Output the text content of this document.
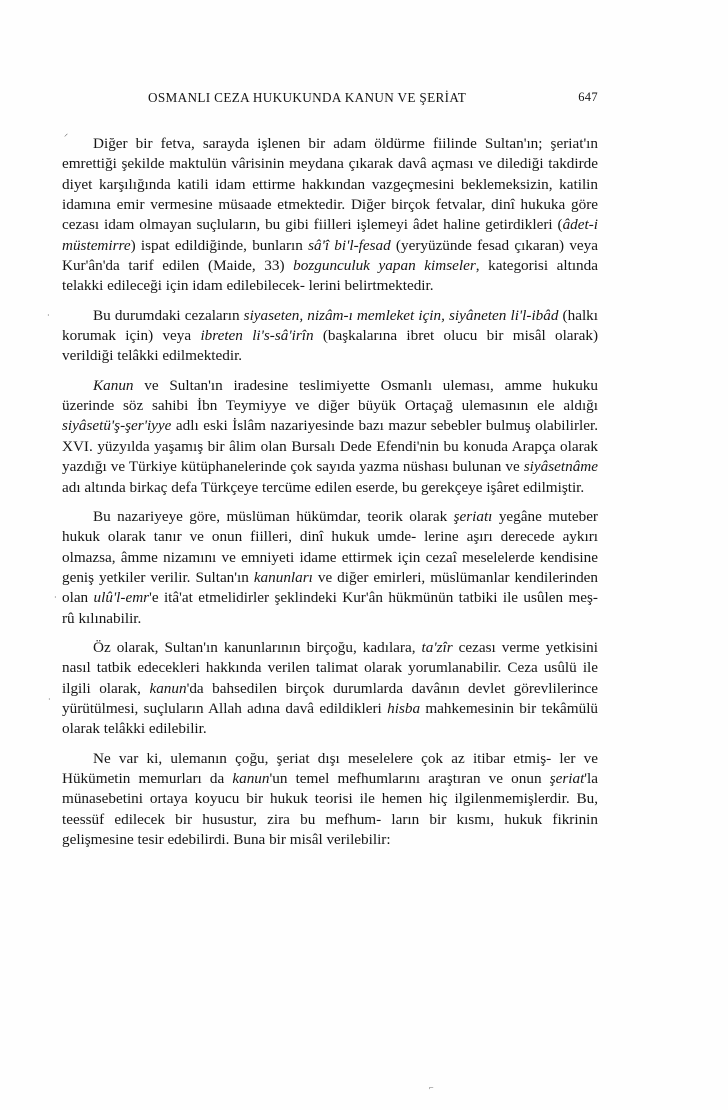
OSMANLI CEZA HUKUKUNDA KANUN VE ŞERİAT	647

Diğer bir fetva, sarayda işlenen bir adam öldürme fiilinde Sultan'ın; şeriat'ın emrettiği şekilde maktulün vârisinin meydana çıkarak davâ açması ve dilediği takdirde diyet karşılığında katili idam ettirme hakkından vazgeçmesini beklemeksizin, katilin idamına emir vermesine müsaade etmektedir. Diğer birçok fetvalar, dinî hukuka göre cezası idam olmayan suçluların, bu gibi fiilleri işlemeyi âdet haline getirdikleri (âdet-i müstemirre) ispat edildiğinde, bunların sâ'î bi'l-fesad (yeryüzünde fesad çıkaran) veya Kur'ân'da tarif edilen (Maide, 33) bozgunculuk yapan kimseler, kategorisi altında telakki edileceği için idam edilebilecek- lerini belirtmektedir.

Bu durumdaki cezaların siyaseten, nizâm-ı memleket için, siyâneten li'l-ibâd (halkı korumak için) veya ibreten li's-sâ'irîn (başkalarına ibret olucu bir misâl olarak) verildiği telâkki edilmektedir.

Kanun ve Sultan'ın iradesine teslimiyette Osmanlı uleması, amme hukuku üzerinde söz sahibi İbn Teymiyye ve diğer büyük Ortaçağ ulemasının ele aldığı siyâsetü'ş-şer'iyye adlı eski İslâm nazariyesinde bazı mazur sebebler bulmuş olabilirler. XVI. yüzyılda yaşamış bir âlim olan Bursalı Dede Efendi'nin bu konuda Arapça olarak yazdığı ve Türkiye kütüphanelerinde çok sayıda yazma nüshası bulunan ve siyâsetnâme adı altında birkaç defa Türkçeye tercüme edilen eserde, bu gerekçeye işâret edilmiştir.

Bu nazariyeye göre, müslüman hükümdar, teorik olarak şeriatı yegâne muteber hukuk olarak tanır ve onun fiilleri, dinî hukuk umde- lerine aşırı derecede aykırı olmazsa, âmme nizamını ve emniyeti idame ettirmek için cezaî meselelerde kendisine geniş yetkiler verilir. Sultan'ın kanunları ve diğer emirleri, müslümanlar kendilerinden olan ulû'l-emr'e itâ'at etmelidirler şeklindeki Kur'ân hükmünün tatbiki ile usûlen meş- rû kılınabilir.

Öz olarak, Sultan'ın kanunlarının birçoğu, kadılara, ta'zîr cezası verme yetkisini nasıl tatbik edecekleri hakkında verilen talimat olarak yorumlanabilir. Ceza usûlü ile ilgili olarak, kanun'da bahsedilen birçok durumlarda davânın devlet görevlilerince yürütülmesi, suçluların Allah adına davâ edildikleri hisba mahkemesinin bir tekâmülü olarak telâkki edilebilir.

Ne var ki, ulemanın çoğu, şeriat dışı meselelere çok az itibar etmiş- ler ve Hükümetin memurları da kanun'un temel mefhumlarını araştıran ve onun şeriat'la münasebetini ortaya koyucu bir hukuk teorisi ile hemen hiç ilgilenmemişlerdir. Bu, teessüf edilecek bir husustur, zira bu mefhum- ların bir kısmı, hukuk fikrinin gelişmesine tesir edebilirdi. Buna bir misâl verilebilir:

⸝
·
·
·
⌐
